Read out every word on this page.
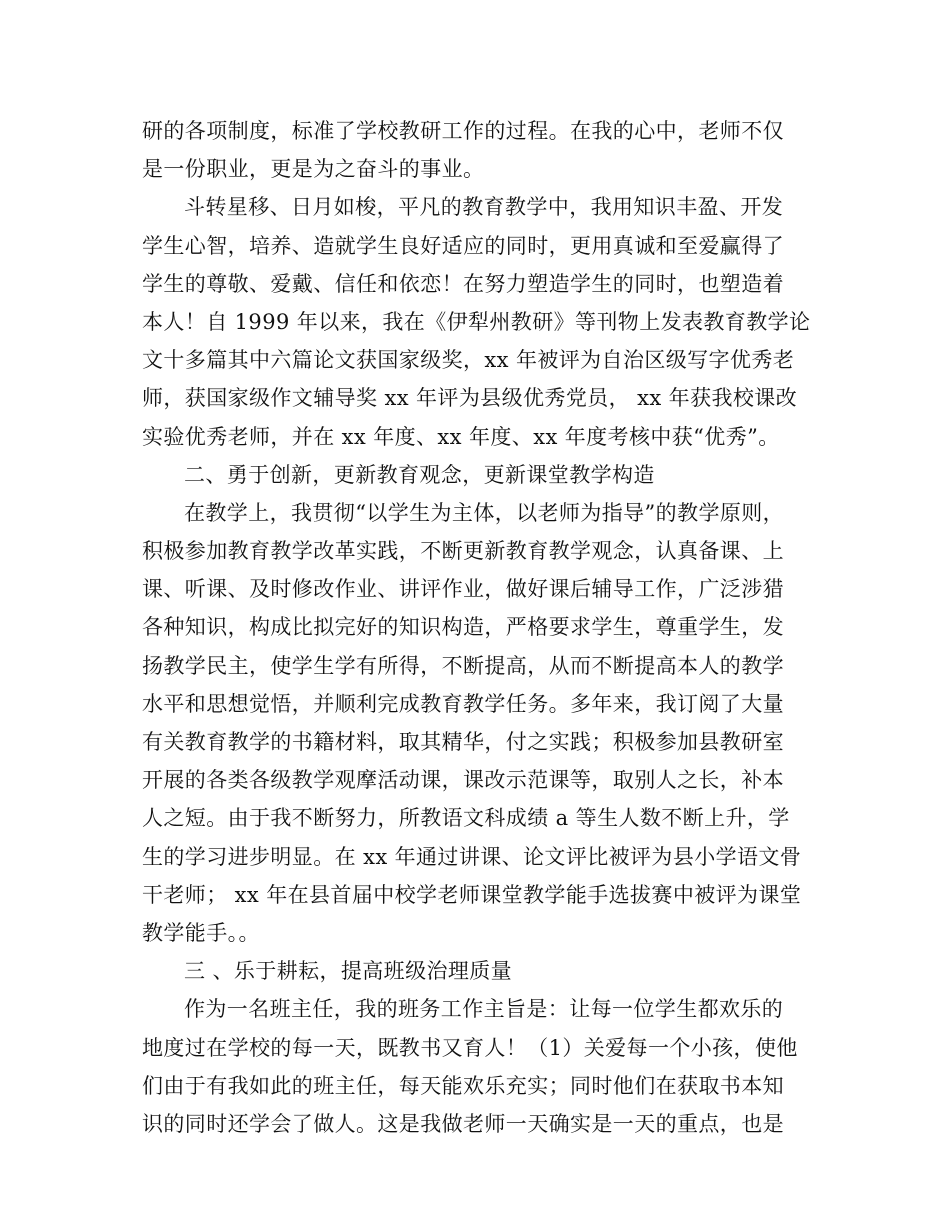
研的各项制度，标准了学校教研工作的过程。在我的心中，老师不仅
是一份职业，更是为之奋斗的事业。
斗转星移、日月如梭，平凡的教育教学中，我用知识丰盈、开发
学生心智，培养、造就学生良好适应的同时，更用真诚和至爱赢得了
学生的尊敬、爱戴、信任和依恋！在努力塑造学生的同时，也塑造着
本人！自 1999 年以来，我在《伊犁州教研》等刊物上发表教育教学论
文十多篇其中六篇论文获国家级奖，xx 年被评为自治区级写字优秀老
师，获国家级作文辅导奖 xx 年评为县级优秀党员， xx 年获我校课改
实验优秀老师，并在 xx 年度、xx 年度、xx 年度考核中获“优秀”。
二、勇于创新，更新教育观念，更新课堂教学构造
在教学上，我贯彻“以学生为主体，以老师为指导”的教学原则，
积极参加教育教学改革实践，不断更新教育教学观念，认真备课、上
课、听课、及时修改作业、讲评作业，做好课后辅导工作，广泛涉猎
各种知识，构成比拟完好的知识构造，严格要求学生，尊重学生，发
扬教学民主，使学生学有所得，不断提高，从而不断提高本人的教学
水平和思想觉悟，并顺利完成教育教学任务。多年来，我订阅了大量
有关教育教学的书籍材料，取其精华，付之实践；积极参加县教研室
开展的各类各级教学观摩活动课，课改示范课等，取别人之长，补本
人之短。由于我不断努力，所教语文科成绩 a 等生人数不断上升，学
生的学习进步明显。在 xx 年通过讲课、论文评比被评为县小学语文骨
干老师； xx 年在县首届中校学老师课堂教学能手选拔赛中被评为课堂
教学能手。。
三 、乐于耕耘，提高班级治理质量
作为一名班主任，我的班务工作主旨是：让每一位学生都欢乐的
地度过在学校的每一天，既教书又育人！（1）关爱每一个小孩，使他
们由于有我如此的班主任，每天能欢乐充实；同时他们在获取书本知
识的同时还学会了做人。这是我做老师一天确实是一天的重点，也是
